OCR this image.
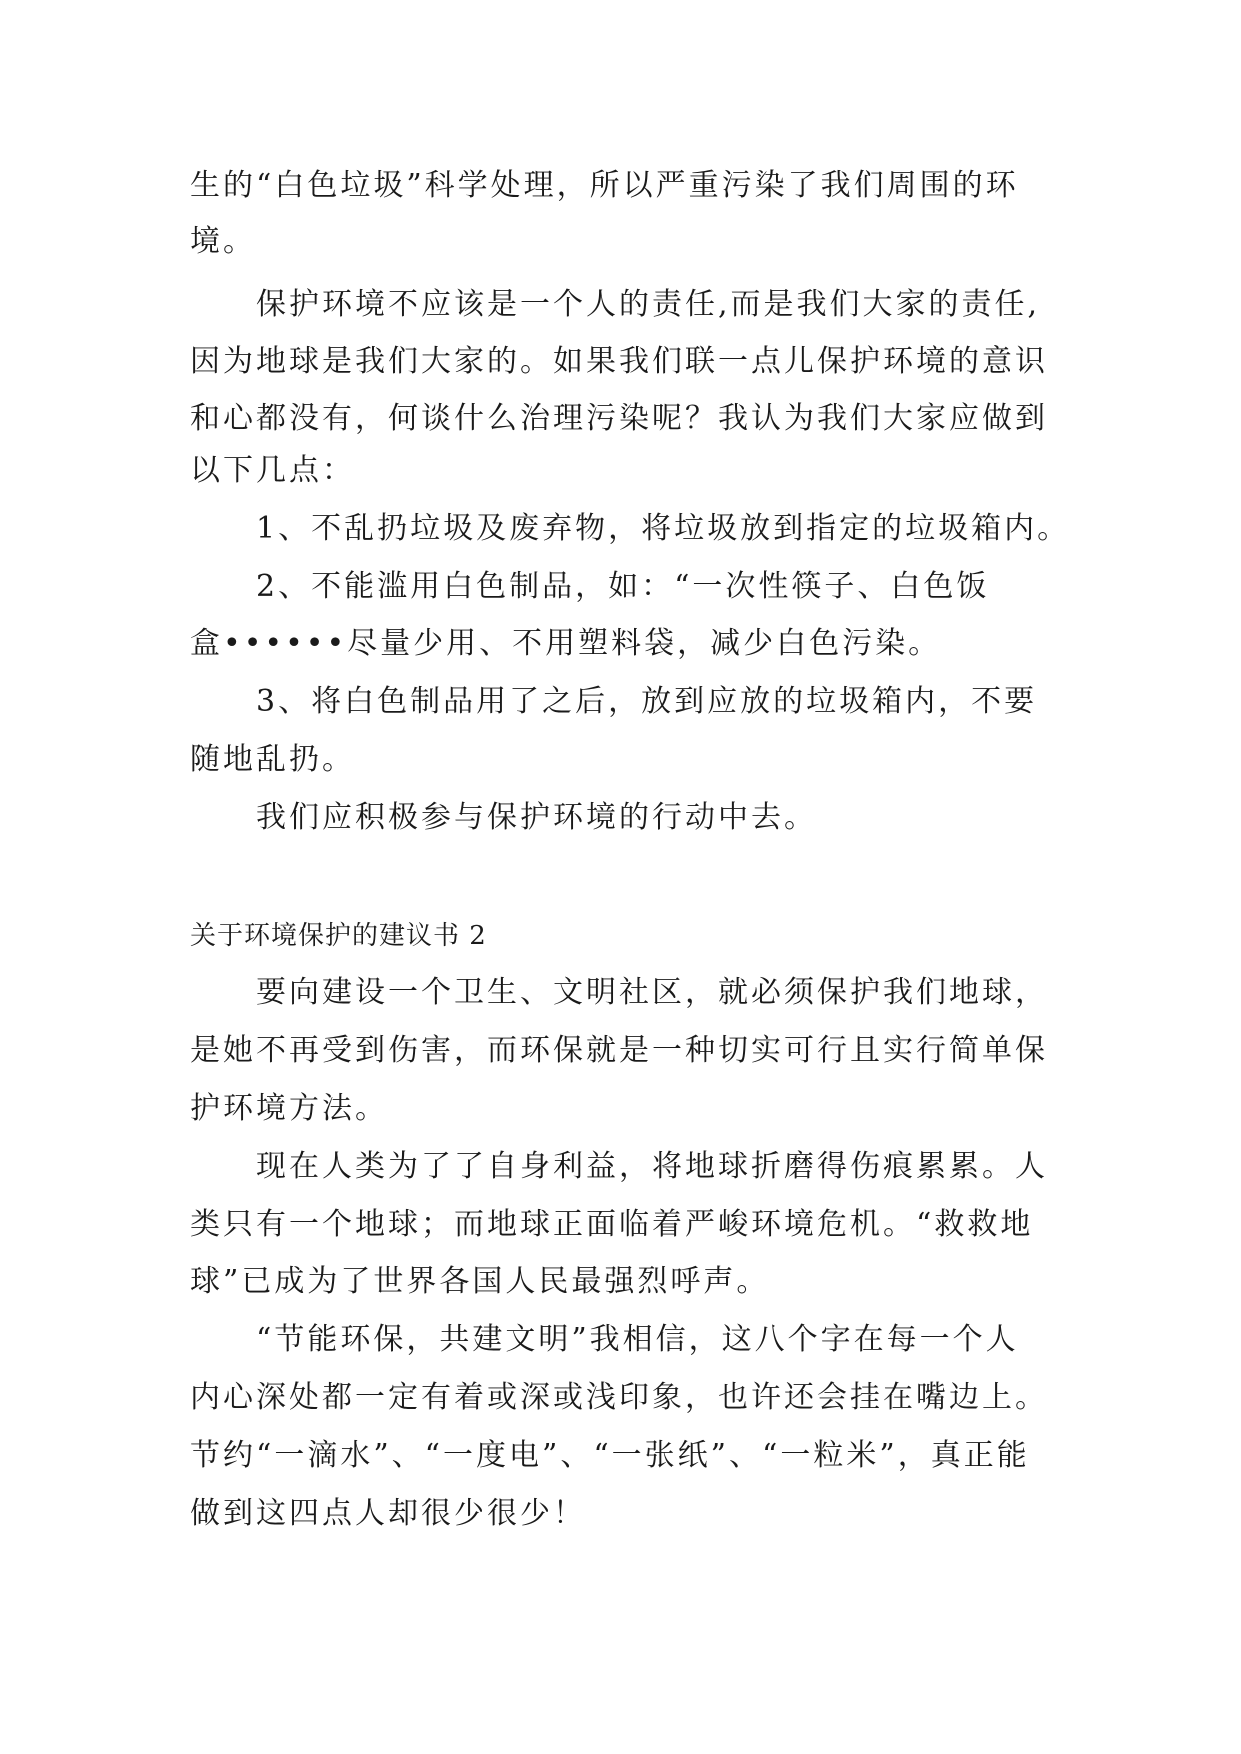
生的“白色垃圾”科学处理，所以严重污染了我们周围的环
境。
保护环境不应该是一个人的责任,而是我们大家的责任,
因为地球是我们大家的。如果我们联一点儿保护环境的意识
和心都没有，何谈什么治理污染呢？我认为我们大家应做到
以下几点：
1、不乱扔垃圾及废弃物，将垃圾放到指定的垃圾箱内。
2、不能滥用白色制品，如：“一次性筷子、白色饭
盒••••••尽量少用、不用塑料袋，减少白色污染。
3、将白色制品用了之后，放到应放的垃圾箱内，不要
随地乱扔。
我们应积极参与保护环境的行动中去。
关于环境保护的建议书 2
要向建设一个卫生、文明社区，就必须保护我们地球，
是她不再受到伤害，而环保就是一种切实可行且实行简单保
护环境方法。
现在人类为了了自身利益，将地球折磨得伤痕累累。人
类只有一个地球；而地球正面临着严峻环境危机。“救救地
球”已成为了世界各国人民最强烈呼声。
“节能环保，共建文明”我相信，这八个字在每一个人
内心深处都一定有着或深或浅印象，也许还会挂在嘴边上。
节约“一滴水”、“一度电”、“一张纸”、“一粒米”，真正能
做到这四点人却很少很少！
